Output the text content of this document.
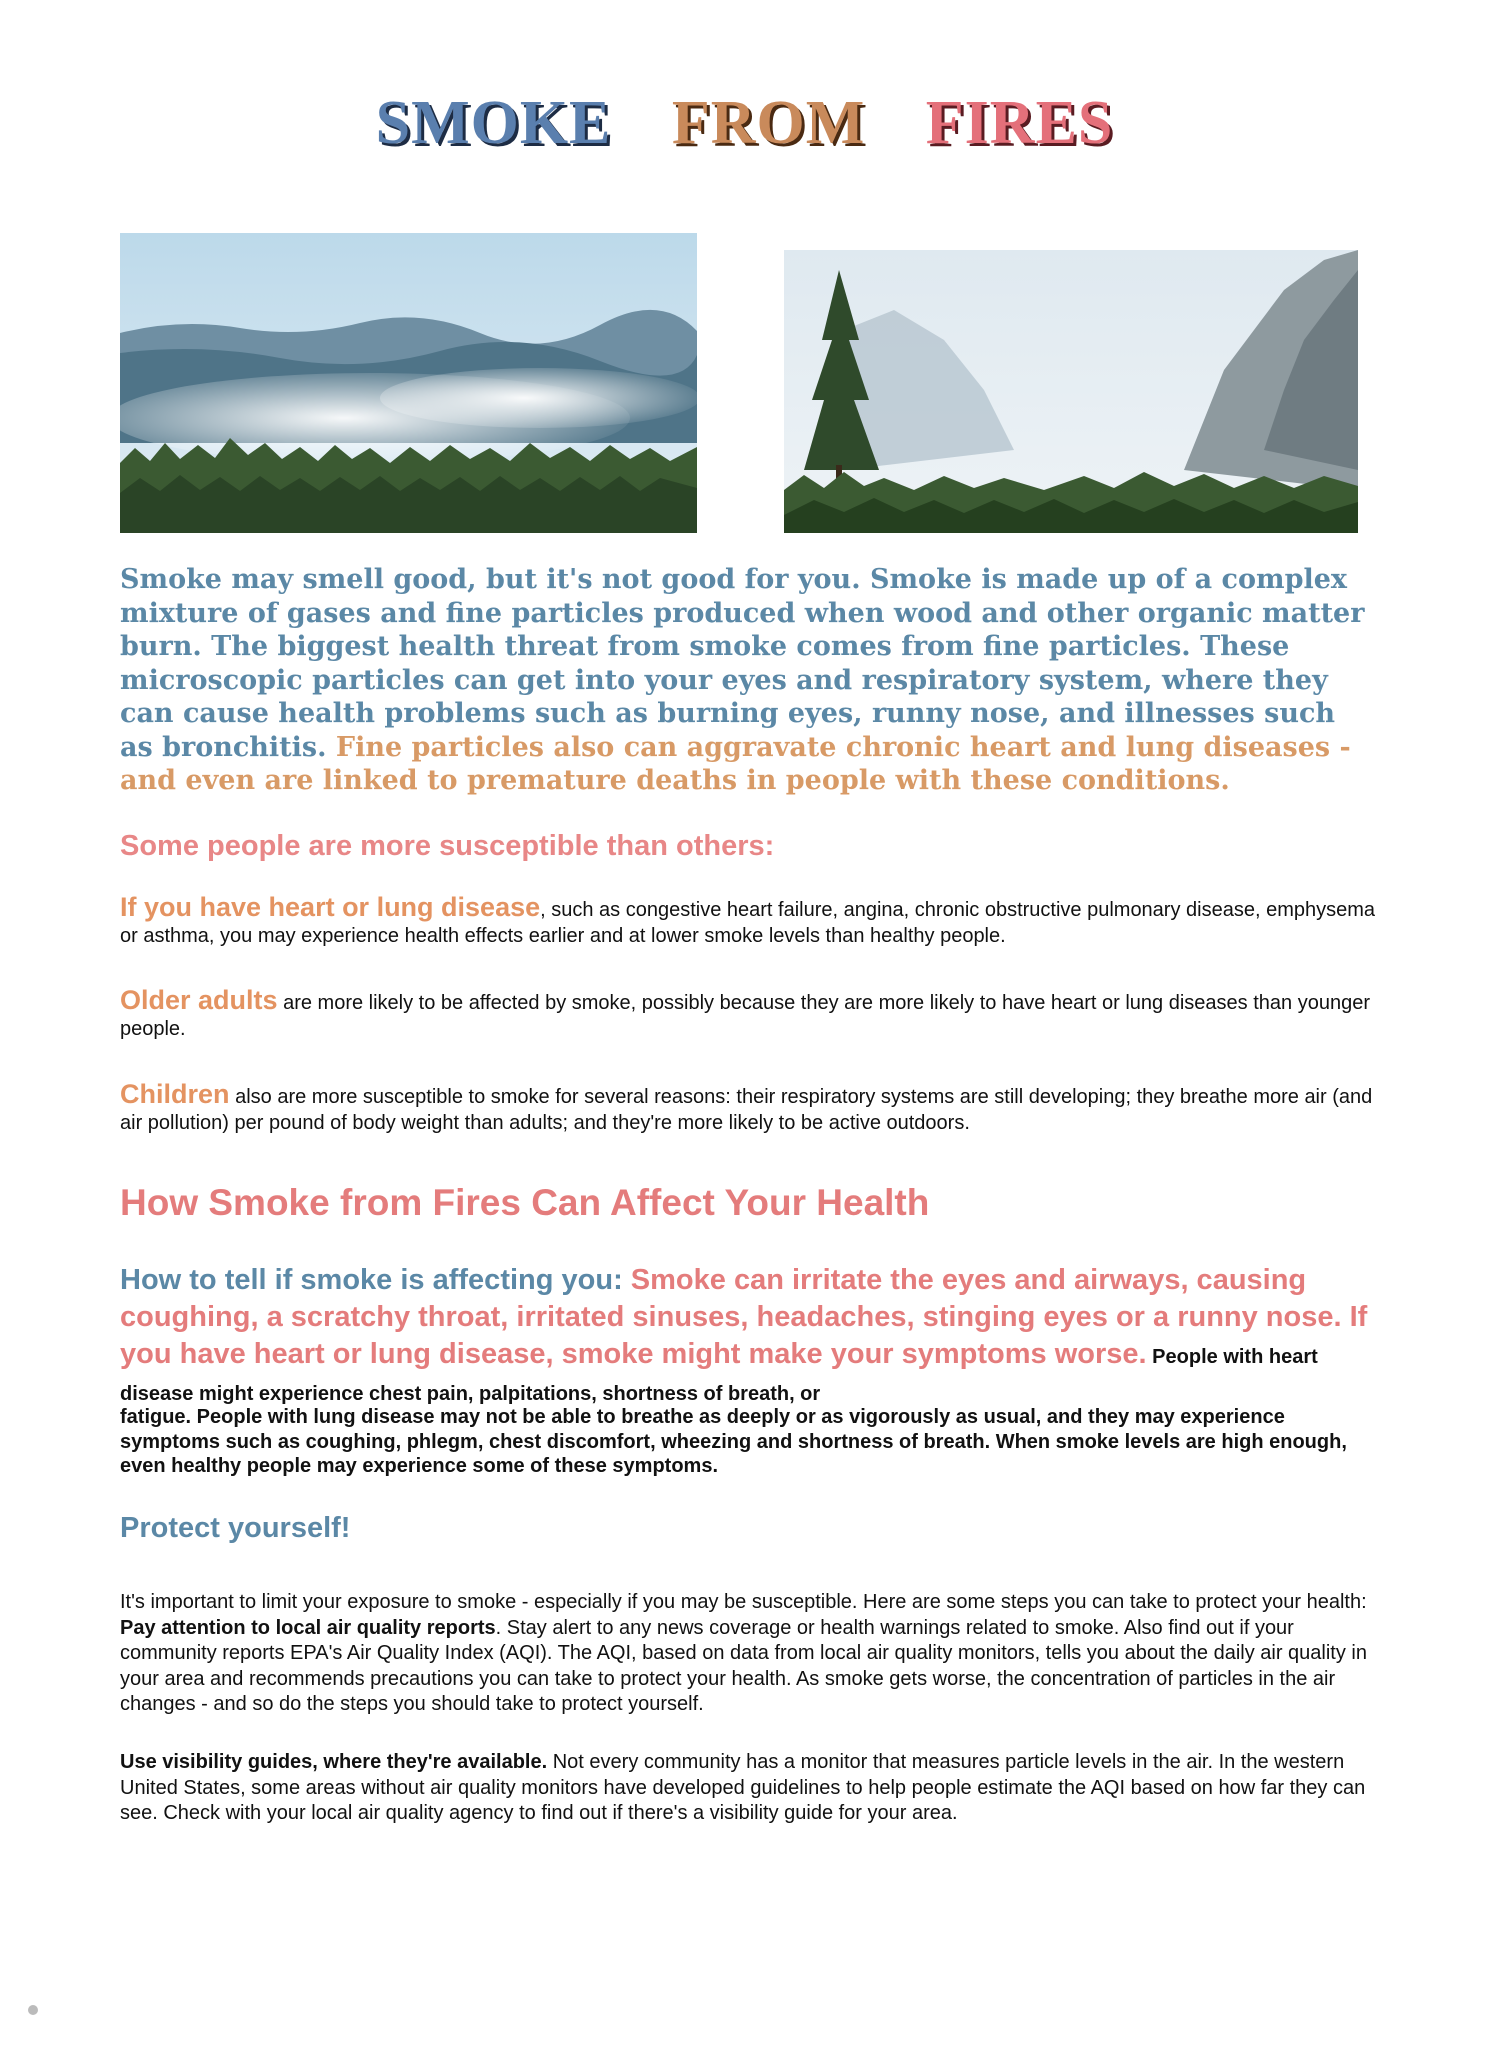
SMOKE FROM FIRES
Smoke may smell good, but it's not good for you. Smoke is made up of a complex mixture of gases and fine particles produced when wood and other organic matter burn. The biggest health threat from smoke comes from fine particles. These microscopic particles can get into your eyes and respiratory system, where they can cause health problems such as burning eyes, runny nose, and illnesses such as bronchitis. Fine particles also can aggravate chronic heart and lung diseases - and even are linked to premature deaths in people with these conditions.
Some people are more susceptible than others:
If you have heart or lung disease, such as congestive heart failure, angina, chronic obstructive pulmonary disease, emphysema or asthma, you may experience health effects earlier and at lower smoke levels than healthy people.
Older adults are more likely to be affected by smoke, possibly because they are more likely to have heart or lung diseases than younger people.
Children also are more susceptible to smoke for several reasons: their respiratory systems are still developing; they breathe more air (and air pollution) per pound of body weight than adults; and they're more likely to be active outdoors.
How Smoke from Fires Can Affect Your Health
How to tell if smoke is affecting you: Smoke can irritate the eyes and airways, causing coughing, a scratchy throat, irritated sinuses, headaches, stinging eyes or a runny nose. If you have heart or lung disease, smoke might make your symptoms worse. People with heart disease might experience chest pain, palpitations, shortness of breath, or
fatigue. People with lung disease may not be able to breathe as deeply or as vigorously as usual, and they may experience symptoms such as coughing, phlegm, chest discomfort, wheezing and shortness of breath. When smoke levels are high enough, even healthy people may experience some of these symptoms.
Protect yourself!
It's important to limit your exposure to smoke - especially if you may be susceptible. Here are some steps you can take to protect your health: Pay attention to local air quality reports. Stay alert to any news coverage or health warnings related to smoke. Also find out if your community reports EPA's Air Quality Index (AQI). The AQI, based on data from local air quality monitors, tells you about the daily air quality in your area and recommends precautions you can take to protect your health. As smoke gets worse, the concentration of particles in the air changes - and so do the steps you should take to protect yourself.
Use visibility guides, where they're available. Not every community has a monitor that measures particle levels in the air. In the western United States, some areas without air quality monitors have developed guidelines to help people estimate the AQI based on how far they can see. Check with your local air quality agency to find out if there's a visibility guide for your area.
